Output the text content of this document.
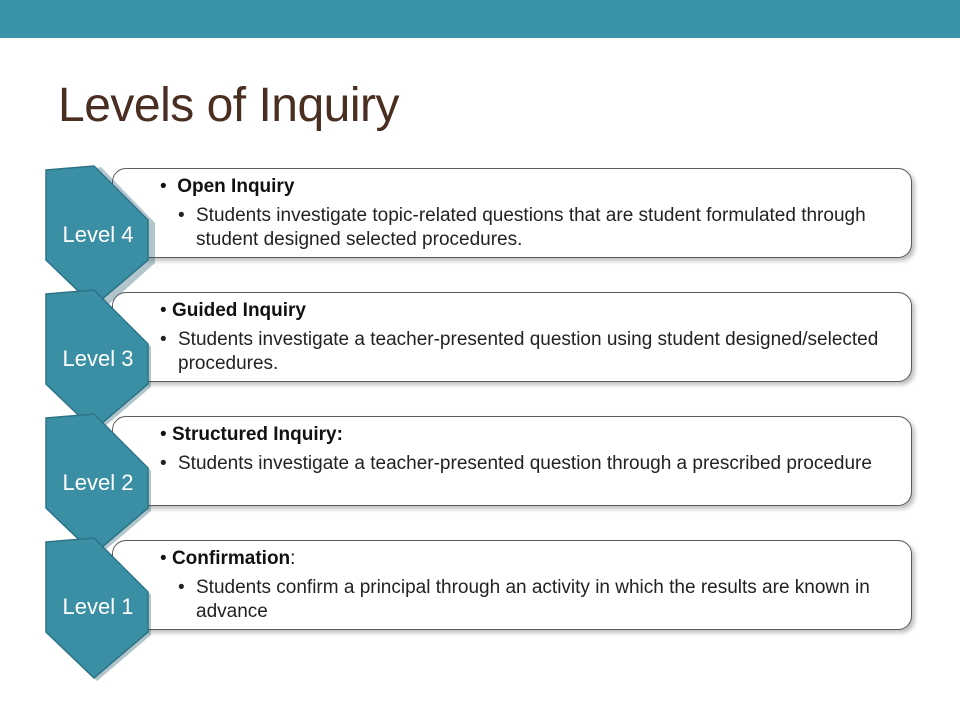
Levels of Inquiry
Level 4
• Open Inquiry
• Students investigate topic-related questions that are student formulated through student designed selected procedures.
Level 3
• Guided Inquiry
• Students investigate a teacher-presented question using student designed/selected procedures.
Level 2
• Structured Inquiry:
• Students investigate a teacher-presented question through a prescribed procedure
Level 1
• Confirmation:
• Students confirm a principal through an activity in which the results are known in advance
